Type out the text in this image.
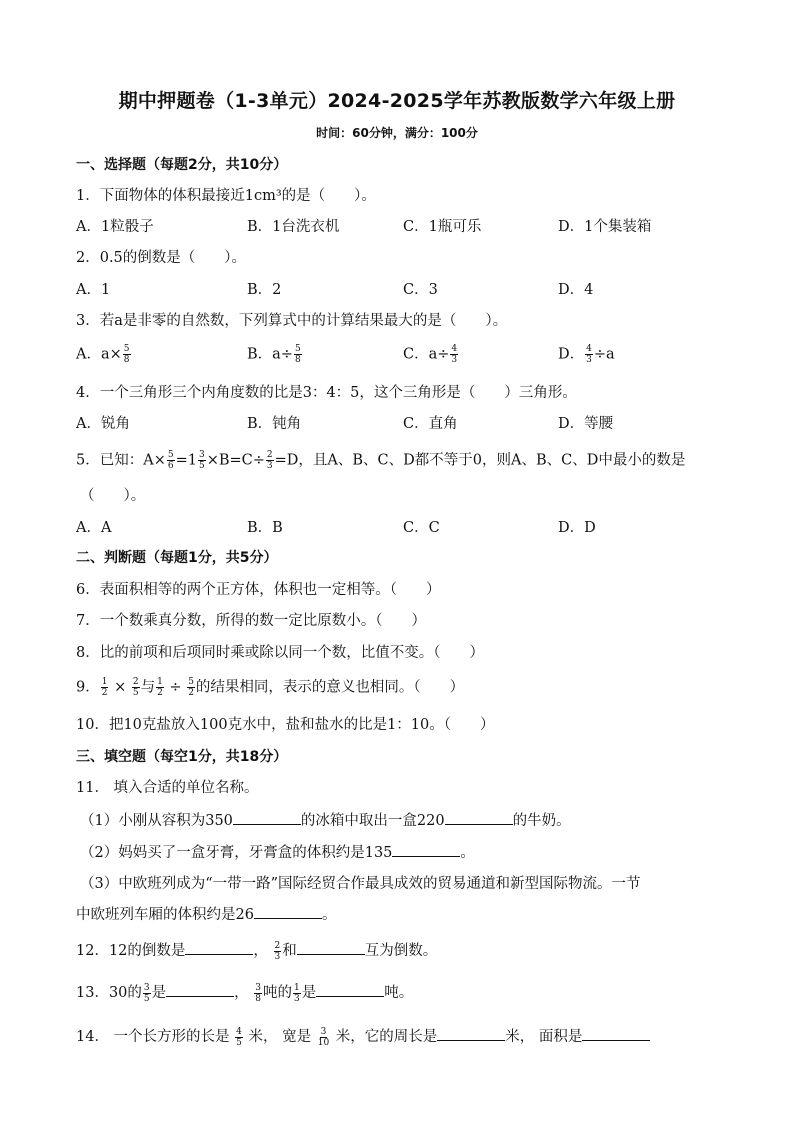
期中押题卷（1-3单元）2024-2025学年苏教版数学六年级上册
时间：60分钟，满分：100分
一、选择题（每题2分，共10分）
1．下面物体的体积最接近1cm³的是（　　）。
A．1粒骰子	B．1台洗衣机	C．1瓶可乐	D．1个集装箱
2．0.5的倒数是（　　）。
A．1	B．2	C．3	D．4
3．若a是非零的自然数，下列算式中的计算结果最大的是（　　）。
A．$a\times \frac{5}{8}$	B．$a\div \frac{5}{8}$	C．$a\div \frac{4}{3}$	D． $\frac{4}{3} \div a$
4．一个三角形三个内角度数的比是3：4：5，这个三角形是（　　）三角形。
A．锐角	B．钝角	C．直角	D．等腰
5．已知：$A\times \frac{5}{6} =1 \frac{3}{5} \times B=C\div \frac{2}{3} =D$，且A、B、C、D都不等于0，则A、B、C、D中最小的数是
（　　）。
A．A	B．B	C．C	D．D
二、判断题（每题1分，共5分）
6．表面积相等的两个正方体，体积也一定相等。（　　）
7．一个数乘真分数，所得的数一定比原数小。（　　）
8．比的前项和后项同时乘或除以同一个数，比值不变。（　　）
9． $\frac{1}{2} \times \frac{2}{5}$ 与 $\frac{1}{2} \div \frac{5}{2}$ 的结果相同，表示的意义也相同。（　　）
10．把10克盐放入100克水中，盐和盐水的比是1：10。（　　）
三、填空题（每空1分，共18分）
11． 填入合适的单位名称。
（1）小刚从容积为350	的冰箱中取出一盒220	的牛奶。
（2）妈妈买了一盒牙膏，牙膏盒的体积约是135	。
（3）中欧班列成为“一带一路”国际经贸合作最具成效的贸易通道和新型国际物流。一节
中欧班列车厢的体积约是26	。
12．12的倒数是	， $\frac{2}{3}$ 和	互为倒数。
13．30的 $\frac{3}{5}$ 是	， $\frac{3}{8}$ 吨的 $\frac{1}{3}$ 是	吨。
14． 一个长方形的长是 $\frac{4}{5}$ 米， 宽是 $\frac{3}{10}$ 米，它的周长是	米， 面积是
